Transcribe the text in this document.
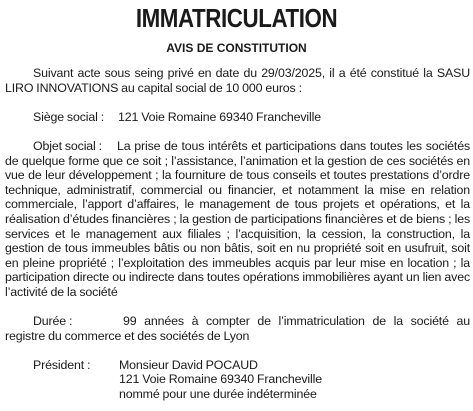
IMMATRICULATION
AVIS DE CONSTITUTION

Suivant acte sous seing privé en date du 29/03/2025, il a été constitué la SASU LIRO INNOVATIONS au capital social de 10 000 euros :

Siège social : 121 Voie Romaine 69340 Francheville

Objet social : La prise de tous intérêts et participations dans toutes les sociétés de quelque forme que ce soit ; l’assistance, l’animation et la gestion de ces sociétés en vue de leur développement ; la fourniture de tous conseils et toutes prestations d’ordre technique, administratif, commercial ou financier, et notamment la mise en relation commerciale, l’apport d’affaires, le management de tous projets et opérations, et la réalisation d’études financières ; la gestion de participations financières et de biens ; les services et le management aux filiales ; l’acquisition, la cession, la construction, la gestion de tous immeubles bâtis ou non bâtis, soit en nu propriété soit en usufruit, soit en pleine propriété ; l’exploitation des immeubles acquis par leur mise en location ; la participation directe ou indirecte dans toutes opérations immobilières ayant un lien avec l’activité de la société

Durée :	99 années à compter de l’immatriculation de la société au registre du commerce et des sociétés de Lyon

Président :	Monsieur David POCAUD
121 Voie Romaine 69340 Francheville
nommé pour une durée indéterminée
